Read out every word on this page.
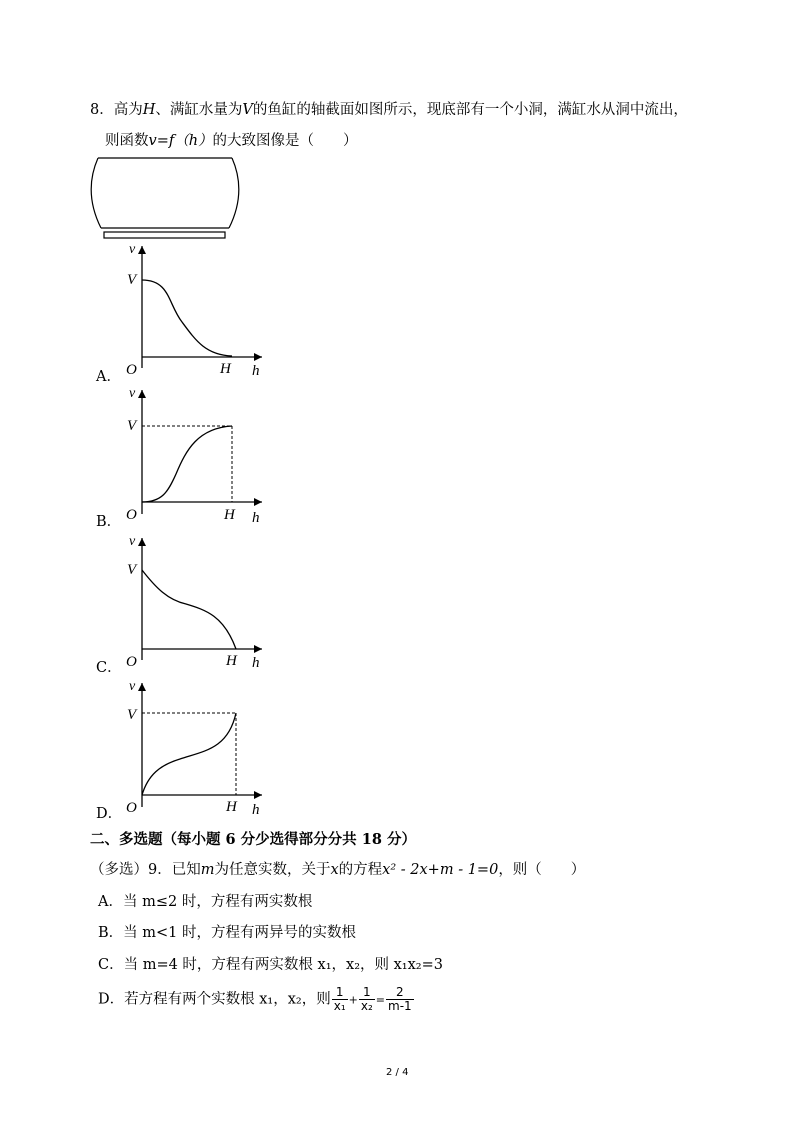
8．高为H、满缸水量为V的鱼缸的轴截面如图所示，现底部有一个小洞，满缸水从洞中流出，
则函数v=f（h）的大致图像是（　　）
A．
v
V
O	H h
B．
v
V
O	H h
C．
v
V
O	H h
D．
v
V
O	H h
二、多选题（每小题 6 分少选得部分分共 18 分）
（多选）9．已知m为任意实数，关于x的方程x² - 2x+m - 1=0，则（　　）
A．当 m≤2 时，方程有两实数根
B．当 m<1 时，方程有两异号的实数根
C．当 m=4 时，方程有两实数根 x₁，x₂，则 x₁x₂=3
D．若方程有两个实数根 x₁，x₂，则 $\frac{1}{\text{x₁}} + \frac{1}{\text{x₂}} = \frac{2}{m-1}$
2 / 4
